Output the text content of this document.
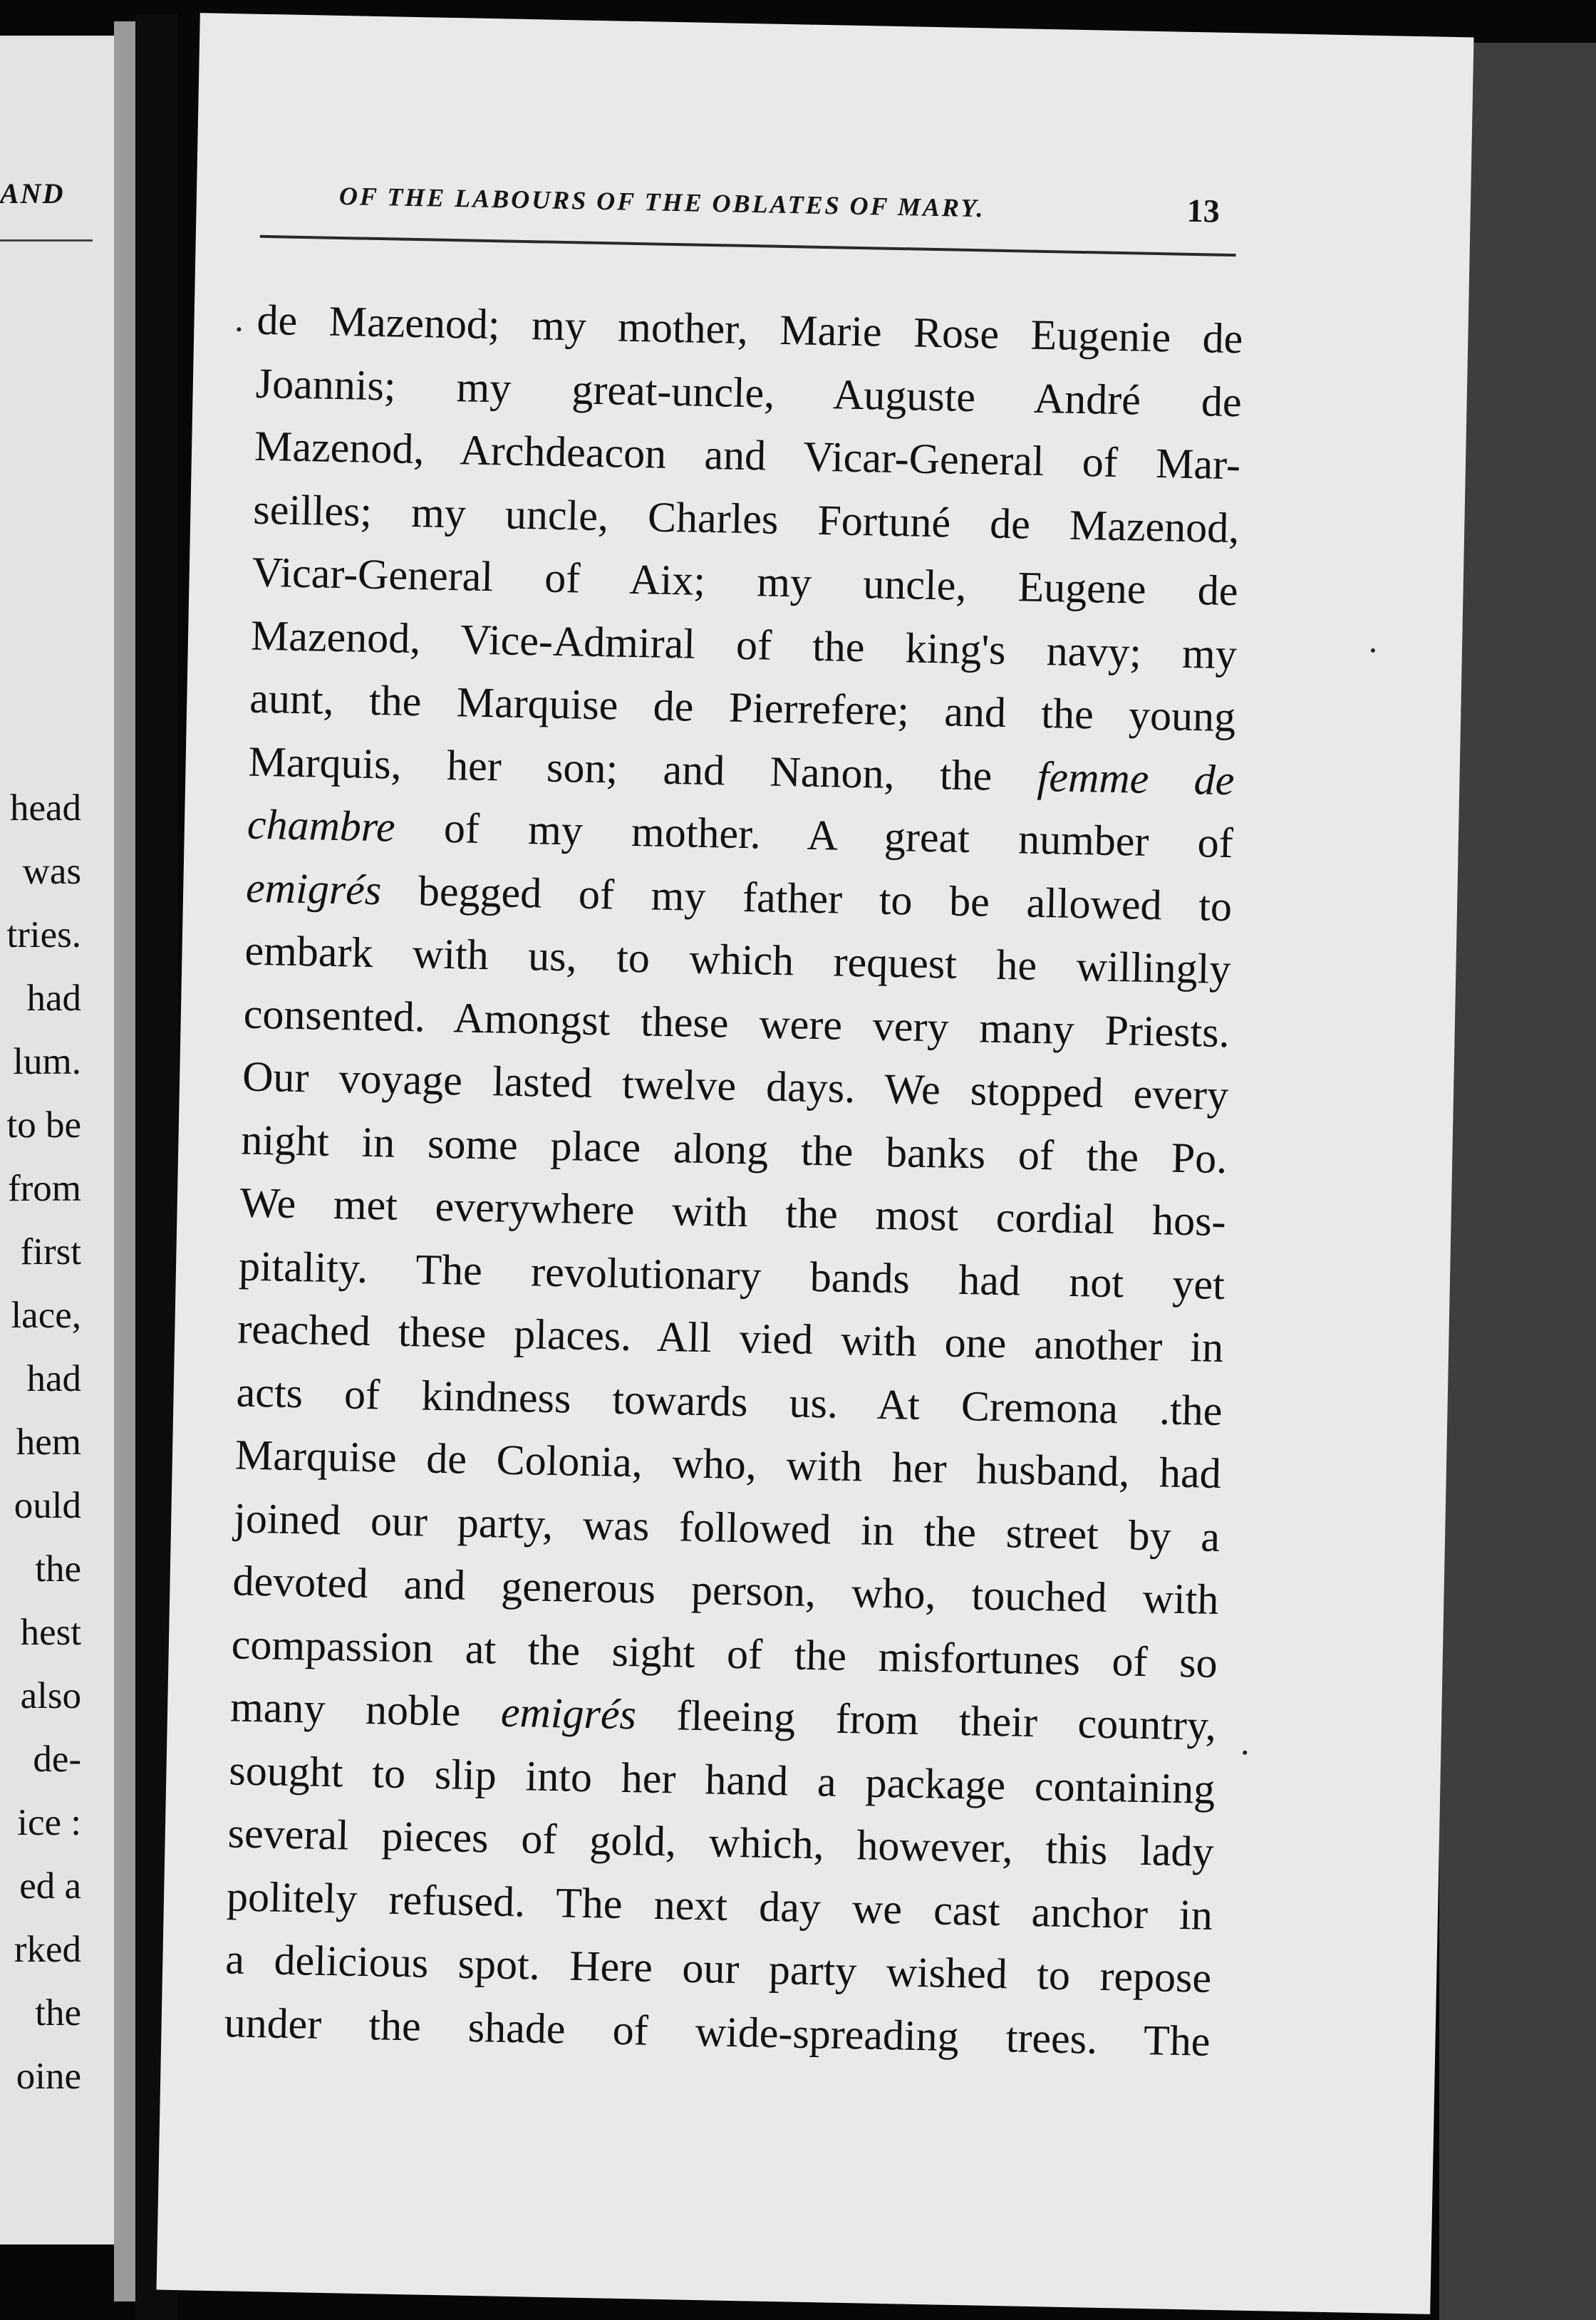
AND
head
was
tries.
had
lum.
to be
from
first
lace,
had
hem
ould
the
hest
also
de-
ice :
ed a
rked
the
oine
OF THE LABOURS OF THE OBLATES OF MARY.	13
de Mazenod; my mother, Marie Rose Eugenie de
Joannis; my great-uncle, Auguste André de
Mazenod, Archdeacon and Vicar-General of Mar-
seilles; my uncle, Charles Fortuné de Mazenod,
Vicar-General of Aix; my uncle, Eugene de
Mazenod, Vice-Admiral of the king's navy; my
aunt, the Marquise de Pierrefere; and the young
Marquis, her son; and Nanon, the femme de
chambre of my mother. A great number of
emigrés begged of my father to be allowed to
embark with us, to which request he willingly
consented. Amongst these were very many Priests.
Our voyage lasted twelve days. We stopped every
night in some place along the banks of the Po.
We met everywhere with the most cordial hos-
pitality. The revolutionary bands had not yet
reached these places. All vied with one another in
acts of kindness towards us. At Cremona .the
Marquise de Colonia, who, with her husband, had
joined our party, was followed in the street by a
devoted and generous person, who, touched with
compassion at the sight of the misfortunes of so
many noble emigrés fleeing from their country,
sought to slip into her hand a package containing
several pieces of gold, which, however, this lady
politely refused. The next day we cast anchor in
a delicious spot. Here our party wished to repose
under the shade of wide-spreading trees. The
